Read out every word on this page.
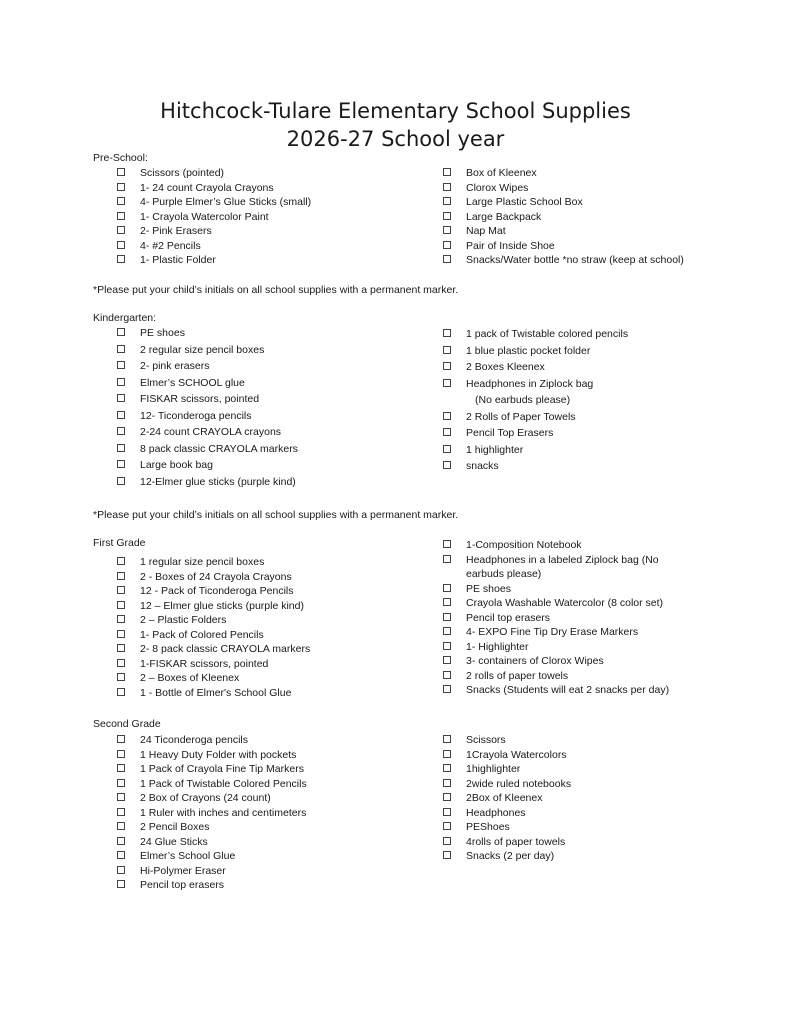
Hitchcock-Tulare Elementary School Supplies
2026-27 School year
Pre-School:
Scissors (pointed)
1- 24 count Crayola Crayons
4- Purple Elmer’s Glue Sticks (small)
1- Crayola Watercolor Paint
2- Pink Erasers
4- #2 Pencils
1- Plastic Folder
Box of Kleenex
Clorox Wipes
Large Plastic School Box
Large Backpack
Nap Mat
Pair of Inside Shoe
Snacks/Water bottle *no straw (keep at school)
*Please put your child’s initials on all school supplies with a permanent marker.
Kindergarten:
PE shoes
2 regular size pencil boxes
2- pink erasers
Elmer’s SCHOOL glue
FISKAR scissors, pointed
12- Ticonderoga pencils
2-24 count CRAYOLA crayons
8 pack classic CRAYOLA markers
Large book bag
12-Elmer glue sticks (purple kind)
1 pack of Twistable colored pencils
1 blue plastic pocket folder
2 Boxes Kleenex
Headphones in Ziplock bag
(No earbuds please)
2 Rolls of Paper Towels
Pencil Top Erasers
1 highlighter
snacks
*Please put your child’s initials on all school supplies with a permanent marker.
First Grade
1 regular size pencil boxes
2 - Boxes of 24 Crayola Crayons
12 - Pack of Ticonderoga Pencils
12 – Elmer glue sticks (purple kind)
2 – Plastic Folders
1- Pack of Colored Pencils
2- 8 pack classic CRAYOLA markers
1-FISKAR scissors, pointed
2 – Boxes of Kleenex
1 - Bottle of Elmer's School Glue
1-Composition Notebook
Headphones in a labeled Ziplock bag (No
earbuds please)
PE shoes
Crayola Washable Watercolor (8 color set)
Pencil top erasers
4- EXPO Fine Tip Dry Erase Markers
1- Highlighter
3- containers of Clorox Wipes
2 rolls of paper towels
Snacks (Students will eat 2 snacks per day)
Second Grade
24 Ticonderoga pencils
1 Heavy Duty Folder with pockets
1 Pack of Crayola Fine Tip Markers
1 Pack of Twistable Colored Pencils
2 Box of Crayons (24 count)
1 Ruler with inches and centimeters
2 Pencil Boxes
24 Glue Sticks
Elmer’s School Glue
Hi-Polymer Eraser
Pencil top erasers
Scissors
1Crayola Watercolors
1highlighter
2wide ruled notebooks
2Box of Kleenex
Headphones
PEShoes
4rolls of paper towels
Snacks (2 per day)
